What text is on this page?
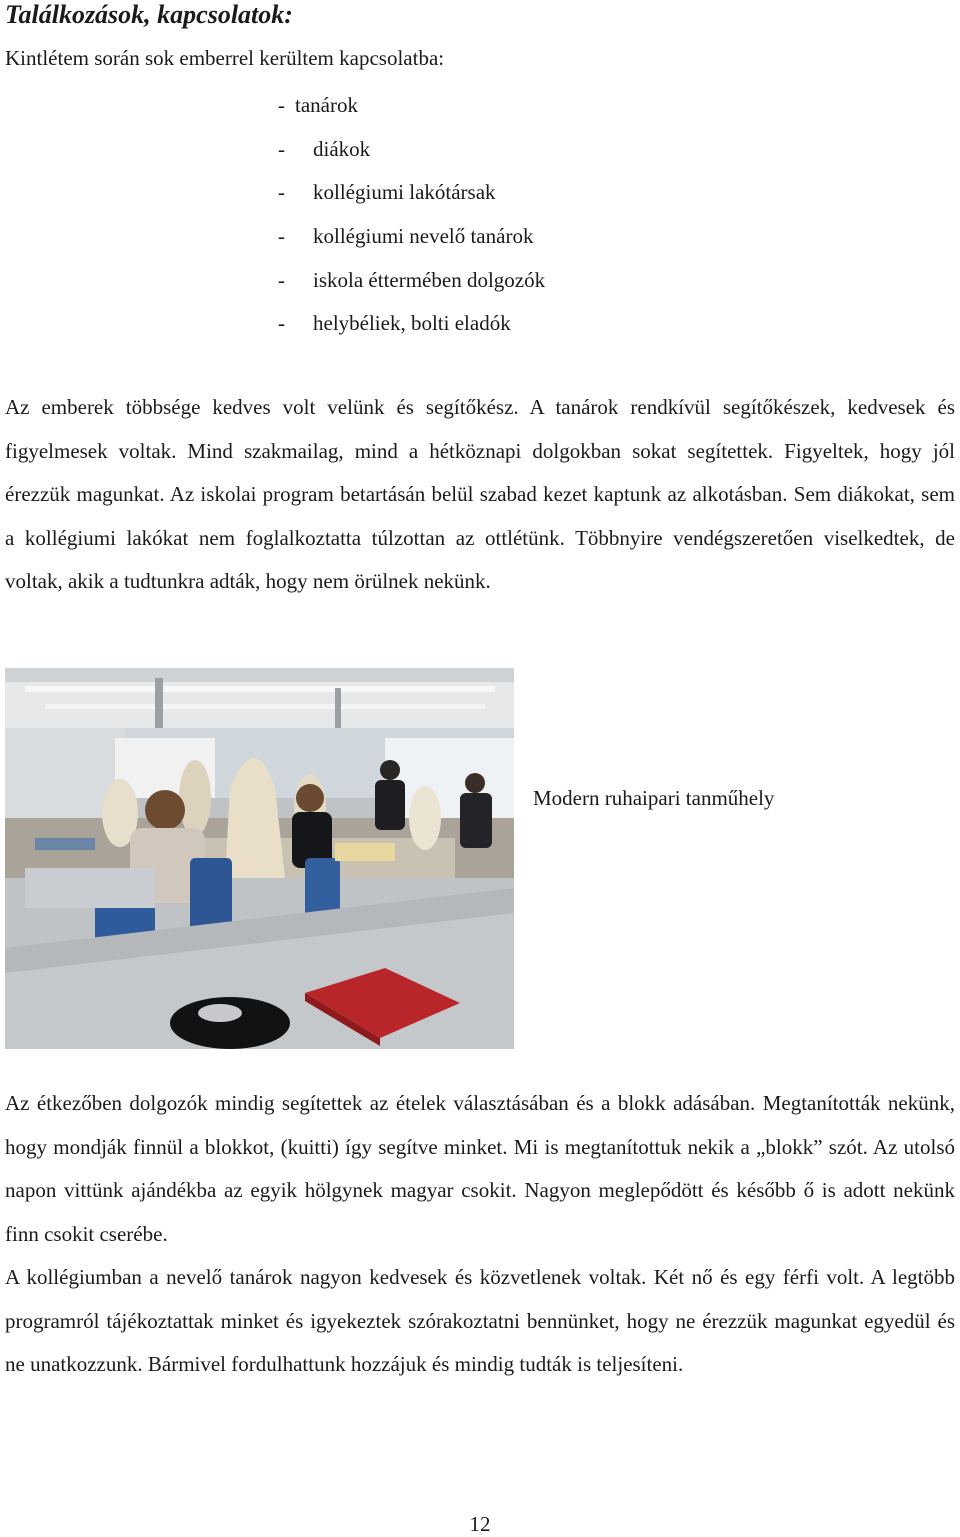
Találkozások, kapcsolatok:
Kintlétem során sok emberrel kerültem kapcsolatba:
- tanárok
- diákok
- kollégiumi lakótársak
- kollégiumi nevelő tanárok
- iskola éttermében dolgozók
- helybéliek, bolti eladók

Az emberek többsége kedves volt velünk és segítőkész. A tanárok rendkívül segítőkészek, kedvesek és figyelmesek voltak. Mind szakmailag, mind a hétköznapi dolgokban sokat segítettek. Figyeltek, hogy jól érezzük magunkat. Az iskolai program betartásán belül szabad kezet kaptunk az alkotásban. Sem diákokat, sem a kollégiumi lakókat nem foglalkoztatta túlzottan az ottlétünk. Többnyire vendégszeretően viselkedtek, de voltak, akik a tudtunkra adták, hogy nem örülnek nekünk.

Modern ruhaipari tanműhely

Az étkezőben dolgozók mindig segítettek az ételek választásában és a blokk adásában. Megtanították nekünk, hogy mondják finnül a blokkot, (kuitti) így segítve minket. Mi is megtanítottuk nekik a „blokk” szót. Az utolsó napon vittünk ajándékba az egyik hölgynek magyar csokit. Nagyon meglepődött és később ő is adott nekünk finn csokit cserébe.

A kollégiumban a nevelő tanárok nagyon kedvesek és közvetlenek voltak. Két nő és egy férfi volt. A legtöbb programról tájékoztattak minket és igyekeztek szórakoztatni bennünket, hogy ne érezzük magunkat egyedül és ne unatkozzunk. Bármivel fordulhattunk hozzájuk és mindig tudták is teljesíteni.

12
